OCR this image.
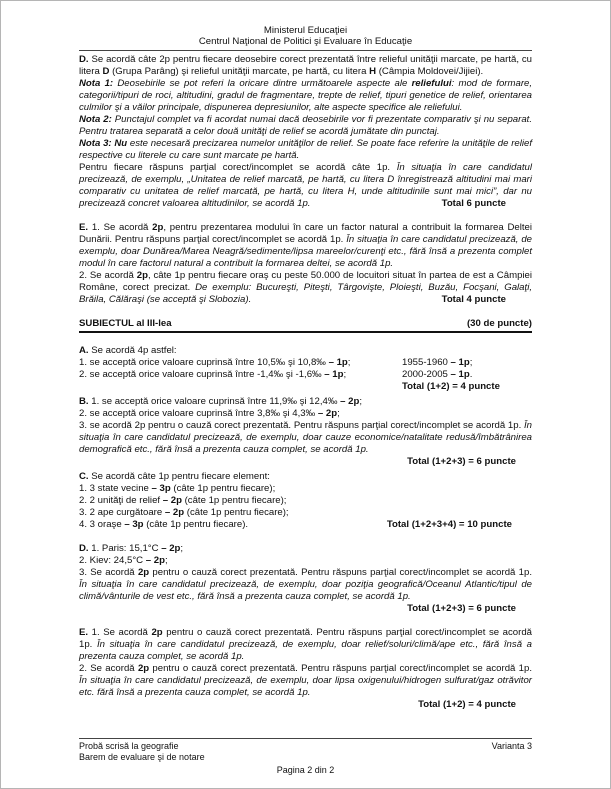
Ministerul Educaţiei
Centrul Naţional de Politici şi Evaluare în Educaţie

D. Se acordă câte 2p pentru fiecare deosebire corect prezentată între relieful unităţii marcate, pe hartă, cu litera D (Grupa Parâng) şi relieful unităţii marcate, pe hartă, cu litera H (Câmpia Moldovei/Jijiei).

Nota 1: Deosebirile se pot referi la oricare dintre următoarele aspecte ale reliefului: mod de formare, categorii/tipuri de roci, altitudini, gradul de fragmentare, trepte de relief, tipuri genetice de relief, orientarea culmilor şi a văilor principale, dispunerea depresiunilor, alte aspecte specifice ale reliefului.

Nota 2: Punctajul complet va fi acordat numai dacă deosebirile vor fi prezentate comparativ şi nu separat. Pentru tratarea separată a celor două unităţi de relief se acordă jumătate din punctaj.

Nota 3: Nu este necesară precizarea numelor unităţilor de relief. Se poate face referire la unităţile de relief respective cu literele cu care sunt marcate pe hartă.

Total 6 puncte
Pentru fiecare răspuns parţial corect/incomplet se acordă câte 1p. În situaţia în care candidatul precizează, de exemplu, „Unitatea de relief marcată, pe hartă, cu litera D înregistrează altitudini mai mari comparativ cu unitatea de relief marcată, pe hartă, cu litera H, unde altitudinile sunt mai mici”, dar nu precizează concret valoarea altitudinilor, se acordă 1p.

E. 1. Se acordă 2p, pentru prezentarea modului în care un factor natural a contribuit la formarea Deltei Dunării. Pentru răspuns parţial corect/incomplet se acordă 1p. În situaţia în care candidatul precizează, de exemplu, doar Dunărea/Marea Neagră/sedimente/lipsa mareelor/curenţi etc., fără însă a prezenta complet modul în care factorul natural a contribuit la formarea deltei, se acordă 1p.

Total 4 puncte
2. Se acordă 2p, câte 1p pentru fiecare oraş cu peste 50.000 de locuitori situat în partea de est a Câmpiei Române, corect precizat. De exemplu: Bucureşti, Piteşti, Târgovişte, Ploieşti, Buzău, Focşani, Galaţi, Brăila, Călăraşi (se acceptă şi Slobozia).

SUBIECTUL al III-lea	(30 de puncte)

A. Se acordă 4p astfel:

1. se acceptă orice valoare cuprinsă între 10,5‰ şi 10,8‰ – 1p;	1955-1960 – 1p;
2. se acceptă orice valoare cuprinsă între -1,4‰ şi -1,6‰ – 1p;	2000-2005 – 1p.
Total (1+2) = 4 puncte

B. 1. se acceptă orice valoare cuprinsă între 11,9‰ şi 12,4‰ – 2p;

2. se acceptă orice valoare cuprinsă între 3,8‰ şi 4,3‰ – 2p;

3. se acordă 2p pentru o cauză corect prezentată. Pentru răspuns parţial corect/incomplet se acordă 1p. În situaţia în care candidatul precizează, de exemplu, doar cauze economice/natalitate redusă/îmbătrânirea demografică etc., fără însă a prezenta cauza complet, se acordă 1p.

Total (1+2+3) = 6 puncte

C. Se acordă câte 1p pentru fiecare element:

1. 3 state vecine – 3p (câte 1p pentru fiecare);

2. 2 unităţi de relief – 2p (câte 1p pentru fiecare);

3. 2 ape curgătoare – 2p (câte 1p pentru fiecare);

4. 3 oraşe – 3p (câte 1p pentru fiecare).	Total (1+2+3+4) = 10 puncte

D. 1. Paris: 15,1°C – 2p;

2. Kiev: 24,5°C – 2p;

3. Se acordă 2p pentru o cauză corect prezentată. Pentru răspuns parţial corect/incomplet se acordă 1p. În situaţia în care candidatul precizează, de exemplu, doar poziţia geografică/Oceanul Atlantic/tipul de climă/vânturile de vest etc., fără însă a prezenta cauza complet, se acordă 1p.

Total (1+2+3) = 6 puncte

E. 1. Se acordă 2p pentru o cauză corect prezentată. Pentru răspuns parţial corect/incomplet se acordă 1p. În situaţia în care candidatul precizează, de exemplu, doar relief/soluri/climă/ape etc., fără însă a prezenta cauza complet, se acordă 1p.

2. Se acordă 2p pentru o cauză corect prezentată. Pentru răspuns parţial corect/incomplet se acordă 1p. În situaţia în care candidatul precizează, de exemplu, doar lipsa oxigenului/hidrogen sulfurat/gaz otrăvitor etc. fără însă a prezenta cauza complet, se acordă 1p.

Total (1+2) = 4 puncte
Probă scrisă la geografie
Barem de evaluare şi de notare
Varianta 3
Pagina 2 din 2
